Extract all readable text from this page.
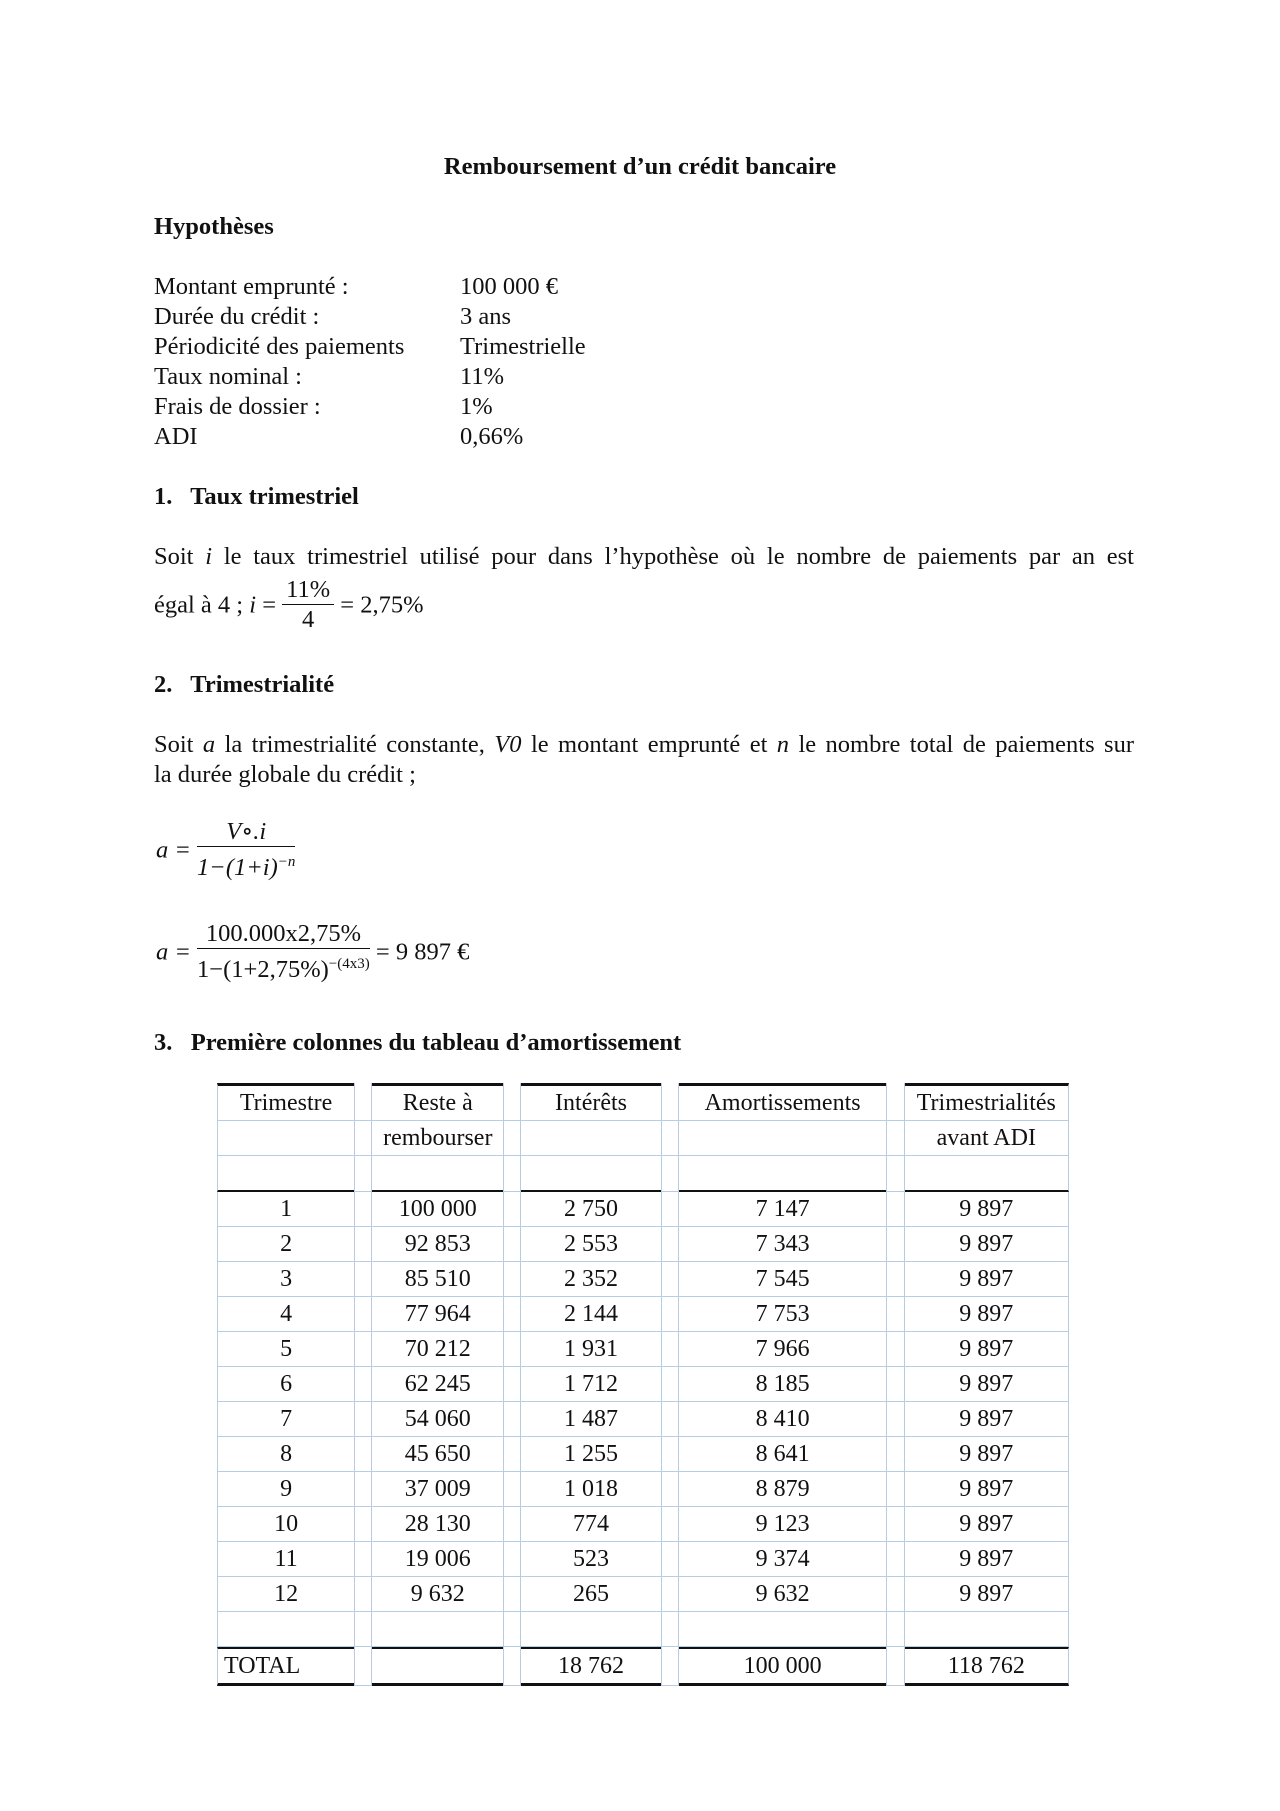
Remboursement d’un crédit bancaire
Hypothèses
Montant emprunté :	100 000 €
Durée du crédit :	3 ans
Périodicité des paiements Trimestrielle
Taux nominal :	11%
Frais de dossier :	1%
ADI	0,66%
1.   Taux trimestriel
Soit i le taux trimestriel utilisé pour dans l’hypothèse où le nombre de paiements par an est
égal à 4 ; $i = \frac{11\%}{4} = 2,75\%$
2.   Trimestrialité
Soit a la trimestrialité constante, V0 le montant emprunté et n le nombre total de paiements sur
la durée globale du crédit ;
$a = \frac{V\circ.i}{1-(1+i)^{-n}}$
$a = \frac{100.000x2,75\%}{1-(1+2,75\%)^{-(4x3)}} = 9$ 897 €
3.   Première colonnes du tableau d’amortissement
Trimestre		Reste à		Intérêts		Amortissements		Trimestrialités
		rembourser						avant ADI

1		100 000		2 750		7 147		9 897
2		92 853		2 553		7 343		9 897
3		85 510		2 352		7 545		9 897
4		77 964		2 144		7 753		9 897
5		70 212		1 931		7 966		9 897
6		62 245		1 712		8 185		9 897
7		54 060		1 487		8 410		9 897
8		45 650		1 255		8 641		9 897
9		37 009		1 018		8 879		9 897
10		28 130		774		9 123		9 897
11		19 006		523		9 374		9 897
12		9 632		265		9 632		9 897

TOTAL				18 762		100 000		118 762
